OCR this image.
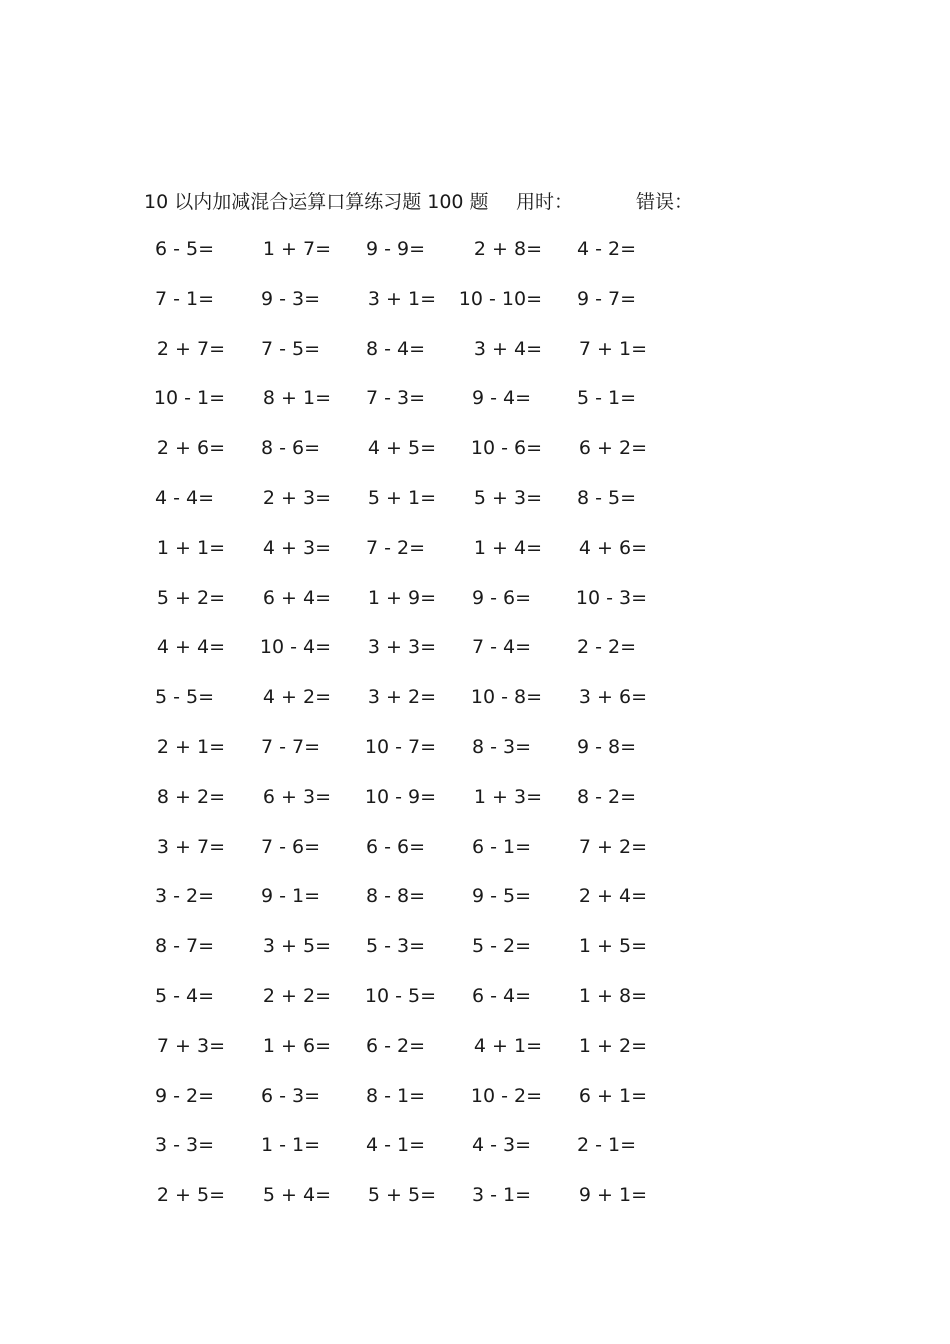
10 以内加减混合运算口算练习题 100 题 用时：	错误：
6 - 5=	1 + 7= 9 - 9=	2 + 8= 4 - 2=
7 - 1= 9 - 3=	3 + 1= 10 - 10= 9 - 7=
2 + 7= 7 - 5= 8 - 4=	3 + 4= 7 + 1=
10 - 1= 8 + 1= 7 - 3= 9 - 4= 5 - 1=
2 + 6= 8 - 6=	4 + 5= 10 - 6= 6 + 2=
4 - 4=	2 + 3= 5 + 1= 5 + 3= 8 - 5=
1 + 1= 4 + 3= 7 - 2=	1 + 4= 4 + 6=
5 + 2= 6 + 4= 1 + 9= 9 - 6= 10 - 3=
4 + 4= 10 - 4= 3 + 3= 7 - 4= 2 - 2=
5 - 5=	4 + 2= 3 + 2= 10 - 8= 3 + 6=
2 + 1= 7 - 7= 10 - 7= 8 - 3= 9 - 8=
8 + 2= 6 + 3= 10 - 9= 1 + 3= 8 - 2=
3 + 7= 7 - 6= 6 - 6= 6 - 1=	7 + 2=
3 - 2= 9 - 1= 8 - 8= 9 - 5=	2 + 4=
8 - 7=	3 + 5= 5 - 3= 5 - 2=	1 + 5=
5 - 4=	2 + 2= 10 - 5= 6 - 4=	1 + 8=
7 + 3= 1 + 6= 6 - 2=	4 + 1= 1 + 2=
9 - 2= 6 - 3= 8 - 1= 10 - 2= 6 + 1=
3 - 3= 1 - 1= 4 - 1= 4 - 3= 2 - 1=
2 + 5= 5 + 4= 5 + 5= 3 - 1=	9 + 1=
